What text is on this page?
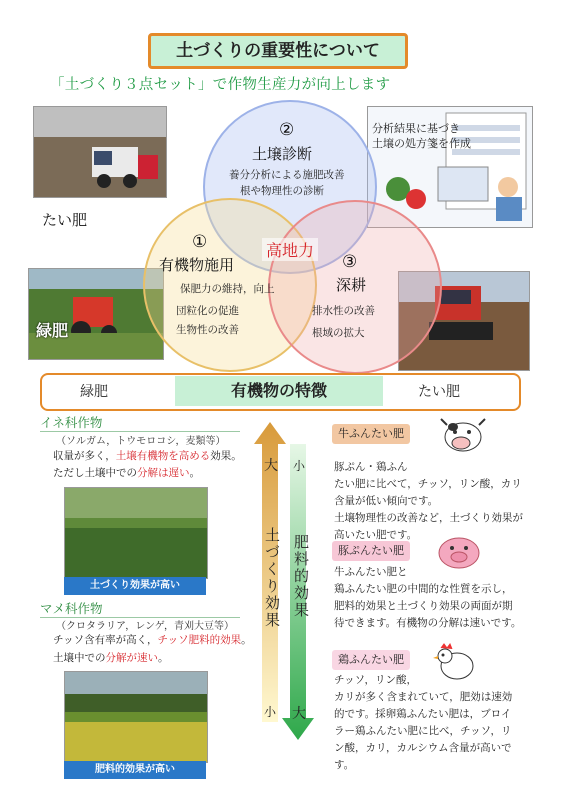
土づくりの重要性について
「土づくり３点セット」で作物生産力が向上します
たい肥
分析結果に基づき
土壌の処方箋を作成
緑肥
②
土壌診断
養分分析による施肥改善
根や物理性の診断
①
有機物施用
保肥力の維持，向上
団粒化の促進
生物性の改善
高地力
③
深耕
排水性の改善
根域の拡大
緑肥	有機物の特徴	たい肥
イネ科作物
（ソルガム，トウモロコシ，麦類等）
収量が多く，土壌有機物を高める効果。
ただし土壌中での分解は遅い。
土づくり効果が高い
マメ科作物
（クロタラリア，レンゲ，青刈大豆等）
チッソ含有率が高く，チッソ肥料的効果。
土壌中での分解が速い。
肥料的効果が高い
大
土づくり効果
小
小
肥料的効果
大
牛ふんたい肥
豚ぷん・鶏ふん
たい肥に比べて，チッソ，リン酸，カリ
含量が低い傾向です。
土壌物理性の改善など，土づくり効果が
高いたい肥です。
豚ぷんたい肥
牛ふんたい肥と
鶏ふんたい肥の中間的な性質を示し，
肥料的効果と土づくり効果の両面が期
待できます。有機物の分解は速いです。
鶏ふんたい肥
チッソ，リン酸，
カリが多く含まれていて，肥効は速効
的です。採卵鶏ふんたい肥は，ブロイ
ラー鶏ふんたい肥に比べ，チッソ，リ
ン酸，カリ，カルシウム含量が高いで
す。
